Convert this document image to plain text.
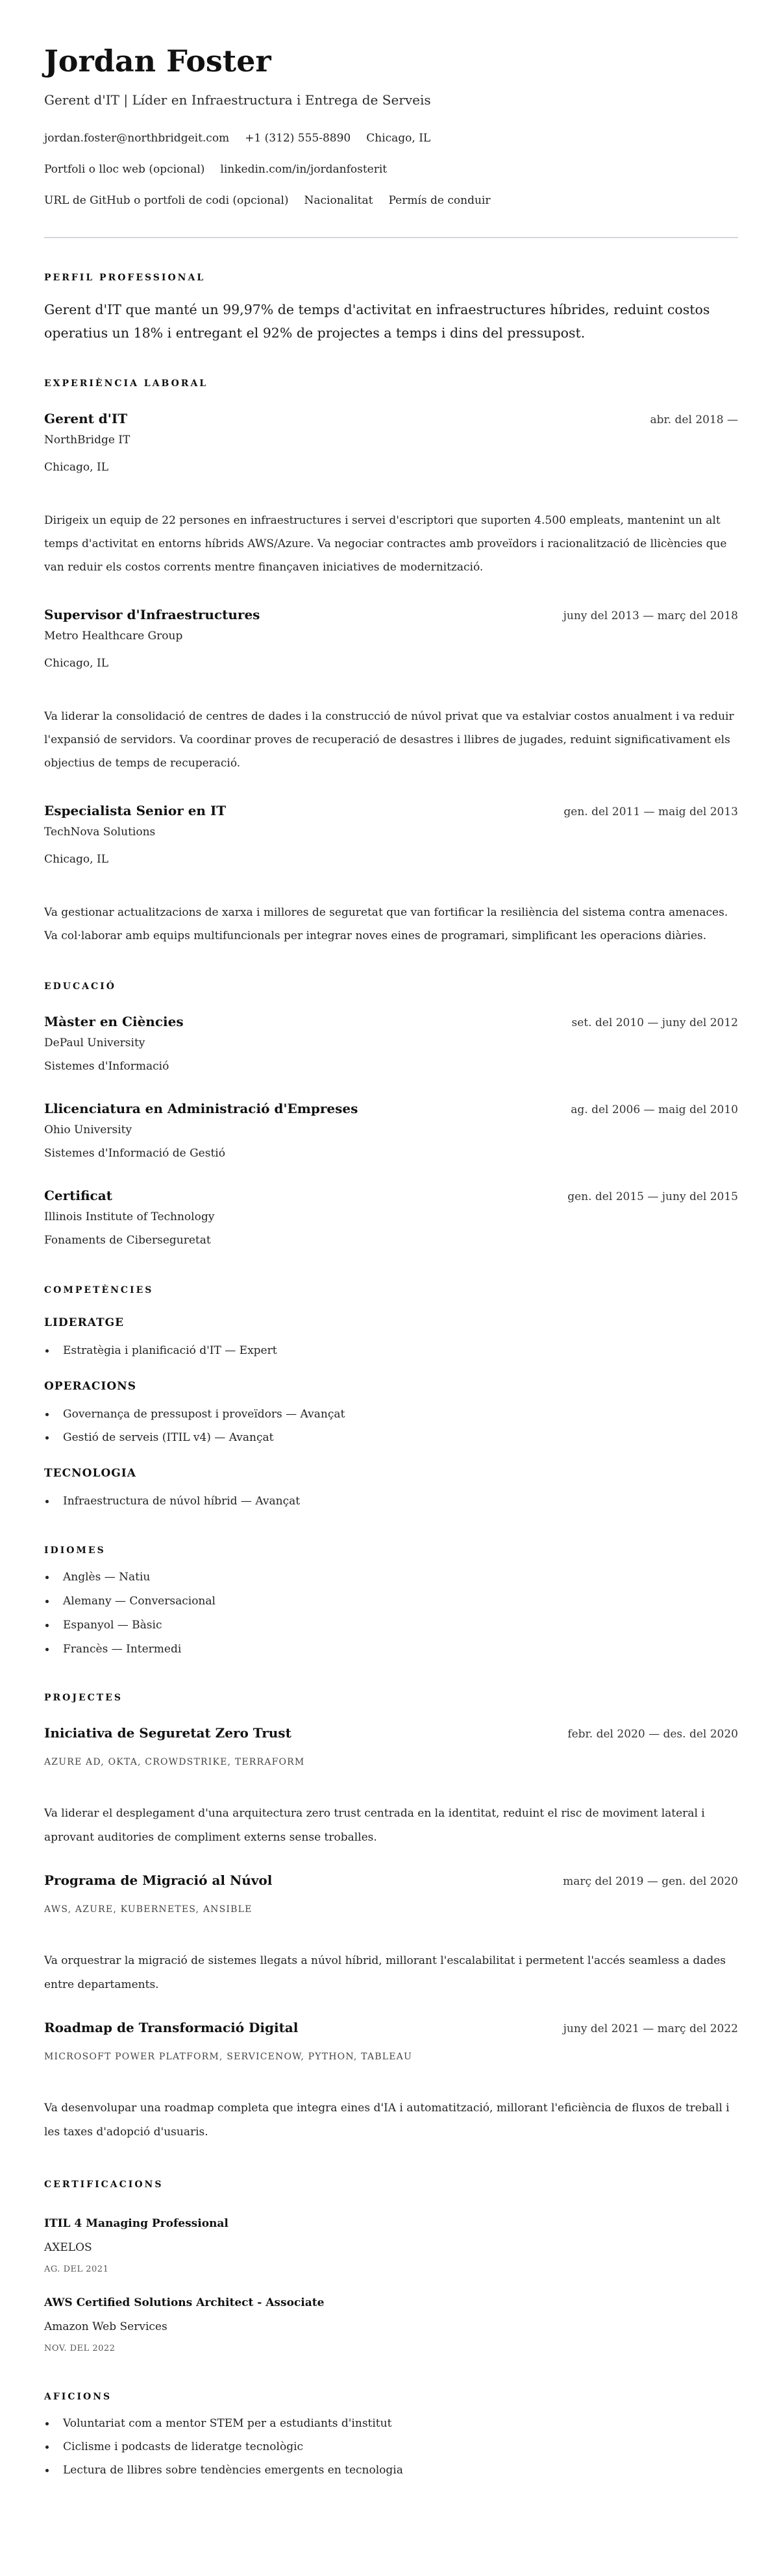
Jordan Foster
Gerent d'IT | Líder en Infraestructura i Entrega de Serveis
jordan.foster@northbridgeit.com +1 (312) 555-8890 Chicago, IL
Portfoli o lloc web (opcional) linkedin.com/in/jordanfosterit
URL de GitHub o portfoli de codi (opcional) Nacionalitat Permís de conduir
PERFIL PROFESSIONAL
Gerent d'IT que manté un 99,97% de temps d'activitat en infraestructures híbrides, reduint costos operatius un 18% i entregant el 92% de projectes a temps i dins del pressupost.
EXPERIÈNCIA LABORAL
Gerent d'IT	abr. del 2018 —
NorthBridge IT
Chicago, IL
Dirigeix un equip de 22 persones en infraestructures i servei d'escriptori que suporten 4.500 empleats, mantenint un alt temps d'activitat en entorns híbrids AWS/Azure. Va negociar contractes amb proveïdors i racionalització de llicències que van reduir els costos corrents mentre finançaven iniciatives de modernització.
Supervisor d'Infraestructures	juny del 2013 — març del 2018
Metro Healthcare Group
Chicago, IL
Va liderar la consolidació de centres de dades i la construcció de núvol privat que va estalviar costos anualment i va reduir l'expansió de servidors. Va coordinar proves de recuperació de desastres i llibres de jugades, reduint significativament els objectius de temps de recuperació.
Especialista Senior en IT	gen. del 2011 — maig del 2013
TechNova Solutions
Chicago, IL
Va gestionar actualitzacions de xarxa i millores de seguretat que van fortificar la resiliència del sistema contra amenaces. Va col·laborar amb equips multifuncionals per integrar noves eines de programari, simplificant les operacions diàries.
EDUCACIÓ
Màster en Ciències	set. del 2010 — juny del 2012
DePaul University
Sistemes d'Informació
Llicenciatura en Administració d'Empreses	ag. del 2006 — maig del 2010
Ohio University
Sistemes d'Informació de Gestió
Certificat	gen. del 2015 — juny del 2015
Illinois Institute of Technology
Fonaments de Ciberseguretat
COMPETÈNCIES
LIDERATGE
Estratègia i planificació d'IT — Expert
OPERACIONS
Governança de pressupost i proveïdors — Avançat
Gestió de serveis (ITIL v4) — Avançat
TECNOLOGIA
Infraestructura de núvol híbrid — Avançat
IDIOMES
Anglès — Natiu
Alemany — Conversacional
Espanyol — Bàsic
Francès — Intermedi
PROJECTES
Iniciativa de Seguretat Zero Trust	febr. del 2020 — des. del 2020
AZURE AD, OKTA, CROWDSTRIKE, TERRAFORM
Va liderar el desplegament d'una arquitectura zero trust centrada en la identitat, reduint el risc de moviment lateral i aprovant auditories de compliment externs sense troballes.
Programa de Migració al Núvol	març del 2019 — gen. del 2020
AWS, AZURE, KUBERNETES, ANSIBLE
Va orquestrar la migració de sistemes llegats a núvol híbrid, millorant l'escalabilitat i permetent l'accés seamless a dades entre departaments.
Roadmap de Transformació Digital	juny del 2021 — març del 2022
MICROSOFT POWER PLATFORM, SERVICENOW, PYTHON, TABLEAU
Va desenvolupar una roadmap completa que integra eines d'IA i automatització, millorant l'eficiència de fluxos de treball i les taxes d'adopció d'usuaris.
CERTIFICACIONS
ITIL 4 Managing Professional
AXELOS
AG. DEL 2021
AWS Certified Solutions Architect - Associate
Amazon Web Services
NOV. DEL 2022
AFICIONS
Voluntariat com a mentor STEM per a estudiants d'institut
Ciclisme i podcasts de lideratge tecnològic
Lectura de llibres sobre tendències emergents en tecnologia
